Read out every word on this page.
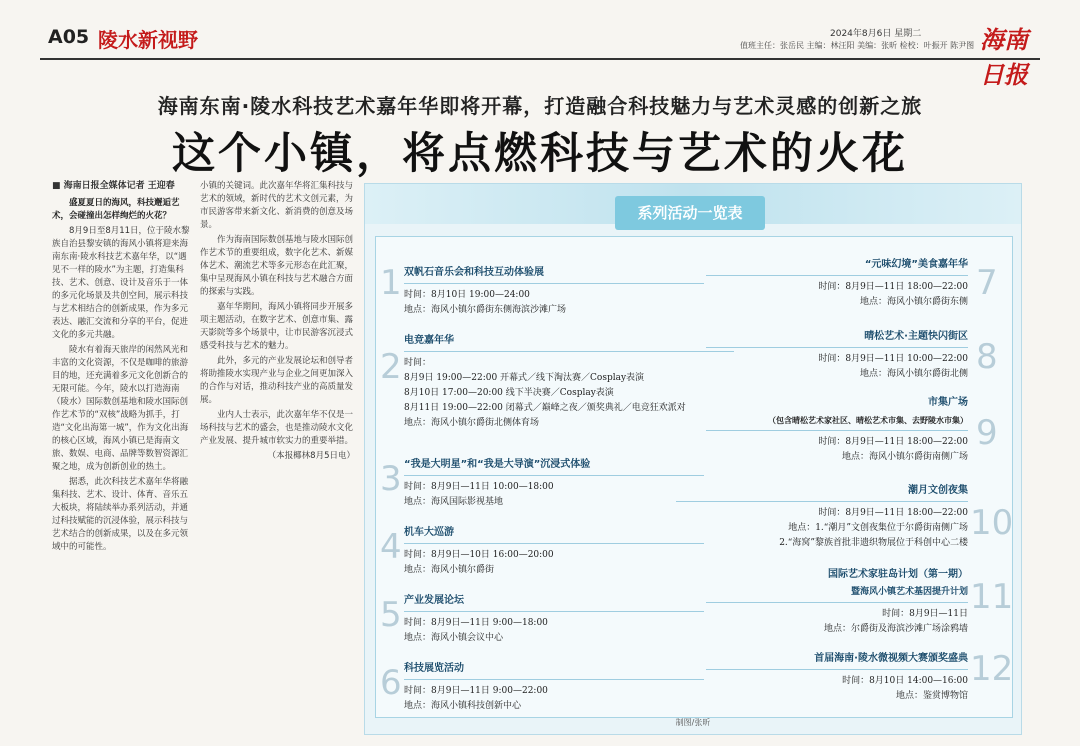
A05 陵水新视野	2024年8月6日 星期二
值班主任：张岳民 主编：林汪阳 美编：张昕 检校：叶振开 陈尹图 海南日报
海南东南·陵水科技艺术嘉年华即将开幕，打造融合科技魅力与艺术灵感的创新之旅
这个小镇，将点燃科技与艺术的火花
■ 海南日报全媒体记者 王迎春

盛夏夏日的海风，科技邂逅艺术，会碰撞出怎样绚烂的火花？

8月9日至8月11日，位于陵水黎族自治县黎安镇的海风小镇将迎来海南东南·陵水科技艺术嘉年华，以“遇见不一样的陵水”为主题，打造集科技、艺术、创意、设计及音乐于一体的多元化场景及共创空间，展示科技与艺术相结合的创新成果，作为多元表达、融汇交流和分享的平台，促进文化的多元共融。

陵水有着海天旅岸的闲然风光和丰富的文化资源，不仅是咖啡的旅游目的地，还充满着多元文化创新合的无限可能。今年，陵水以打造海南（陵水）国际数创基地和陵水国际创作艺术节的“双核”战略为抓手，打造“文化出海第一城”，作为文化出海的核心区域，海风小镇已是海南文旅、数娱、电商、品牌等数智资源汇聚之地，成为创新创业的热土。

据悉，此次科技艺术嘉年华将融集科技、艺术、设计、体育、音乐五大板块，将陆续举办系列活动，并通过科技赋能的沉浸体验，展示科技与艺术结合的创新成果，以及在多元领域中的可能性。

小镇的关键词。此次嘉年华将汇集科技与艺术的领域，新时代的艺术文创元素，为市民游客带来新文化、新消费的创意及场景。

作为海南国际数创基地与陵水国际创作艺术节的重要组成，数字化艺术、新媒体艺术、潮流艺术等多元形态在此汇聚，集中呈现海风小镇在科技与艺术融合方面的探索与实践。

嘉年华期间，海风小镇将同步开展多项主题活动，在数字艺术、创意市集、露天影院等多个场景中，让市民游客沉浸式感受科技与艺术的魅力。

此外，多元的产业发展论坛和创导者将助推陵水实现产业与企业之间更加深入的合作与对话，推动科技产业的高质量发展。

业内人士表示，此次嘉年华不仅是一场科技与艺术的盛会，也是推动陵水文化产业发展、提升城市软实力的重要举措。

（本报椰林8月5日电）

系列活动一览表
1 双帆石音乐会和科技互动体验展
时间：8月10日 19:00—24:00
地点：海风小镇尔爵街东侧海滨沙滩广场
2
电竞嘉年华
时间：
8月9日 19:00—22:00 开幕式／线下淘汰赛／Cosplay表演
8月10日 17:00—20:00 线下半决赛／Cosplay表演
8月11日 19:00—22:00 闭幕式／巅峰之夜／颁奖典礼／电竞狂欢派对
地点：海风小镇尔爵街北侧体育场
3 “我是大明星”和“我是大导演”沉浸式体验
时间：8月9日—11日 10:00—18:00
地点：海风国际影视基地
4 机车大巡游
时间：8月9日—10日 16:00—20:00
地点：海风小镇尔爵街
5 产业发展论坛
时间：8月9日—11日 9:00—18:00
地点：海风小镇会议中心
6 科技展览活动
时间：8月9日—11日 9:00—22:00
地点：海风小镇科技创新中心
7
“元味幻境”美食嘉年华
时间：8月9日—11日 18:00—22:00
地点：海风小镇尔爵街东侧
8
晴松艺术·主题快闪街区
时间：8月9日—11日 10:00—22:00
地点：海风小镇尔爵街北侧
9
市集广场
（包含晴松艺术家社区、晴松艺术市集、去野陵水市集）
时间：8月9日—11日 18:00—22:00
地点：海风小镇尔爵街南侧广场
10
潮月文创夜集
时间：8月9日—11日 18:00—22:00
地点：1.“潮月”文创夜集位于尔爵街南侧广场
2.“海窝”黎族首批非遗织物展位于科创中心二楼
11
国际艺术家驻岛计划（第一期）
暨海风小镇艺术基因提升计划
时间：8月9日—11日
地点：尔爵街及海滨沙滩广场涂鸦墙
12
首届海南·陵水微视频大赛颁奖盛典
时间：8月10日 14:00—16:00
地点：鉴赏博物馆
制图/张昕
